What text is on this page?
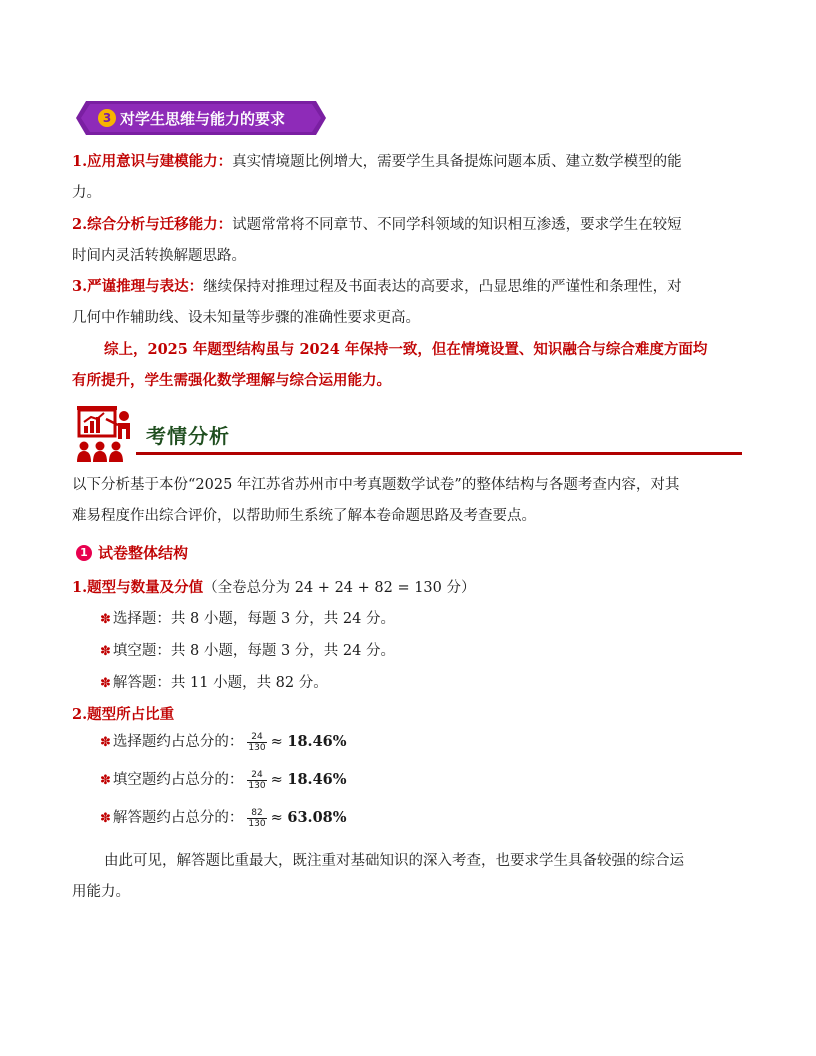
3 对学生思维与能力的要求
1.应用意识与建模能力：真实情境题比例增大，需要学生具备提炼问题本质、建立数学模型的能
力。
2.综合分析与迁移能力：试题常常将不同章节、不同学科领域的知识相互渗透，要求学生在较短
时间内灵活转换解题思路。
3.严谨推理与表达：继续保持对推理过程及书面表达的高要求，凸显思维的严谨性和条理性，对
几何中作辅助线、设未知量等步骤的准确性要求更高。
综上，2025 年题型结构虽与 2024 年保持一致，但在情境设置、知识融合与综合难度方面均
有所提升，学生需强化数学理解与综合运用能力。
考情分析
以下分析基于本份“2025 年江苏省苏州市中考真题数学试卷”的整体结构与各题考查内容，对其
难易程度作出综合评价，以帮助师生系统了解本卷命题思路及考查要点。
1 试卷整体结构
1.题型与数量及分值（全卷总分为 24 + 24 + 82 = 130 分）
✽ 选择题：共 8 小题，每题 3 分，共 24 分。
✽ 填空题：共 8 小题，每题 3 分，共 24 分。
✽ 解答题：共 11 小题，共 82 分。
2.题型所占比重
✽ 选择题约占总分的： $\frac{24}{130} \approx 18.46\%$
✽ 填空题约占总分的： $\frac{24}{130} \approx 18.46\%$
✽ 解答题约占总分的： $\frac{82}{130} \approx 63.08\%$
由此可见，解答题比重最大，既注重对基础知识的深入考查，也要求学生具备较强的综合运
用能力。
